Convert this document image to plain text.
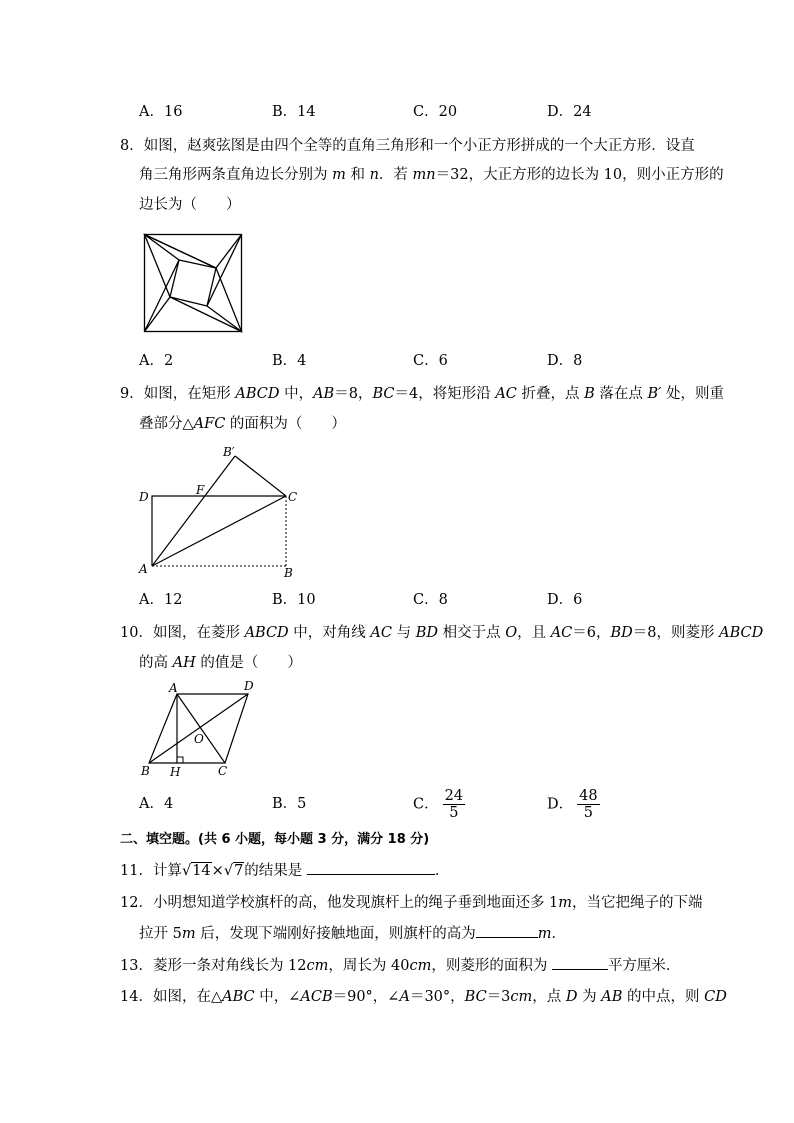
A．16	B．14	C．20	D．24
8．如图，赵爽弦图是由四个全等的直角三角形和一个小正方形拼成的一个大正方形．设直
角三角形两条直角边长分别为 m 和 n．若 mn＝32，大正方形的边长为 10，则小正方形的
边长为（　　）
A．2	B．4	C．6	D．8
9．如图，在矩形 ABCD 中，AB＝8，BC＝4，将矩形沿 AC 折叠，点 B 落在点 B′ 处，则重
叠部分△AFC 的面积为（　　）
B′
D	F	C
A	B
A．12	B．10	C．8	D．6
10．如图，在菱形 ABCD 中，对角线 AC 与 BD 相交于点 O，且 AC＝6，BD＝8，则菱形 ABCD
的高 AH 的值是（　　）
A	D
O
B H	C
A．4	B．5	C． $\frac{24}{5}$	D． $\frac{48}{5}$
二、填空题。(共 6 小题，每小题 3 分，满分 18 分)
11．计算√14×√7的结果是	．
12．小明想知道学校旗杆的高，他发现旗杆上的绳子垂到地面还多 1m，当它把绳子的下端
拉开 5m 后，发现下端刚好接触地面，则旗杆的高为	m．
13．菱形一条对角线长为 12cm，周长为 40cm，则菱形的面积为	平方厘米．
14．如图，在△ABC 中，∠ACB＝90°，∠A＝30°，BC＝3cm，点 D 为 AB 的中点，则 CD
